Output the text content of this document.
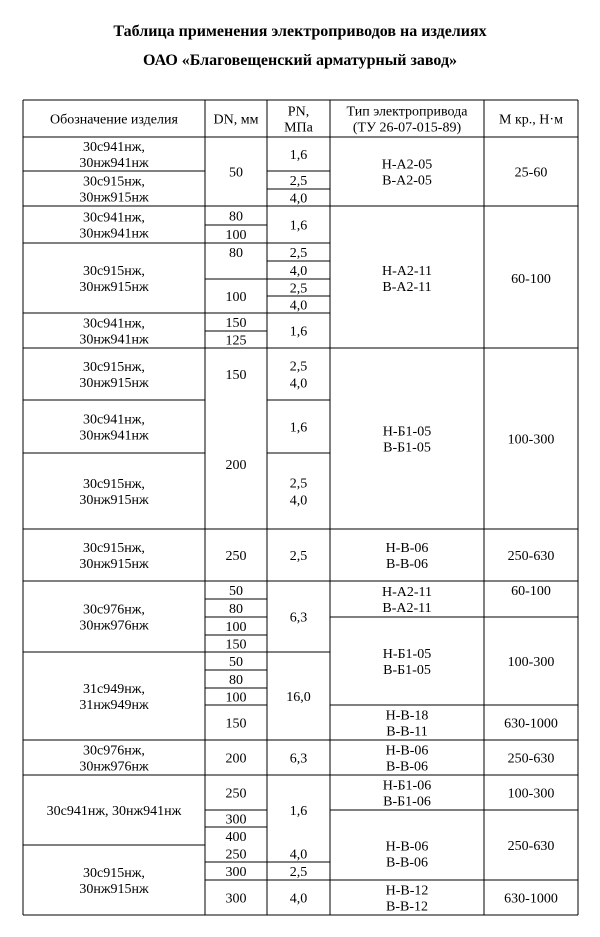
Таблица применения электроприводов на изделиях
ОАО «Благовещенский арматурный завод»
Обозначение изделия	DN, мм
PN,
МПа
Тип электропривода
(ТУ 26-07-015-89)
М кр., Н·м
30с941нж,
30нж941нж
30с915нж,
30нж915нж
30с941нж,
30нж941нж
30с915нж,
30нж915нж
30с941нж,
30нж941нж
30с915нж,
30нж915нж
30с941нж,
30нж941нж
30с915нж,
30нж915нж
30с915нж,
30нж915нж
30с976нж,
30нж976нж
31с949нж,
31нж949нж
30с976нж,
30нж976нж
30с941нж, 30нж941нж
30с915нж,
30нж915нж
50
80
100
80
100
150
125
150
200
250
50
80
100
150
50
80
100
150
200
250
300
400
250
300
300
1,6
2,5
4,0
1,6
2,5
4,0
2,5
4,0
1,6
2,5
4,0
1,6
2,5
4,0
2,5
6,3
16,0
6,3
1,6
4,0
2,5
4,0
Н-А2-05
В-А2-05
Н-А2-11
В-А2-11
Н-Б1-05
В-Б1-05
Н-В-06
В-В-06
Н-А2-11
В-А2-11
Н-Б1-05
В-Б1-05
Н-В-18
В-В-11
Н-В-06
В-В-06
Н-Б1-06
В-Б1-06
Н-В-06
В-В-06
Н-В-12
В-В-12
25-60
60-100
100-300
250-630
60-100
100-300
630-1000
250-630
100-300
250-630
630-1000
